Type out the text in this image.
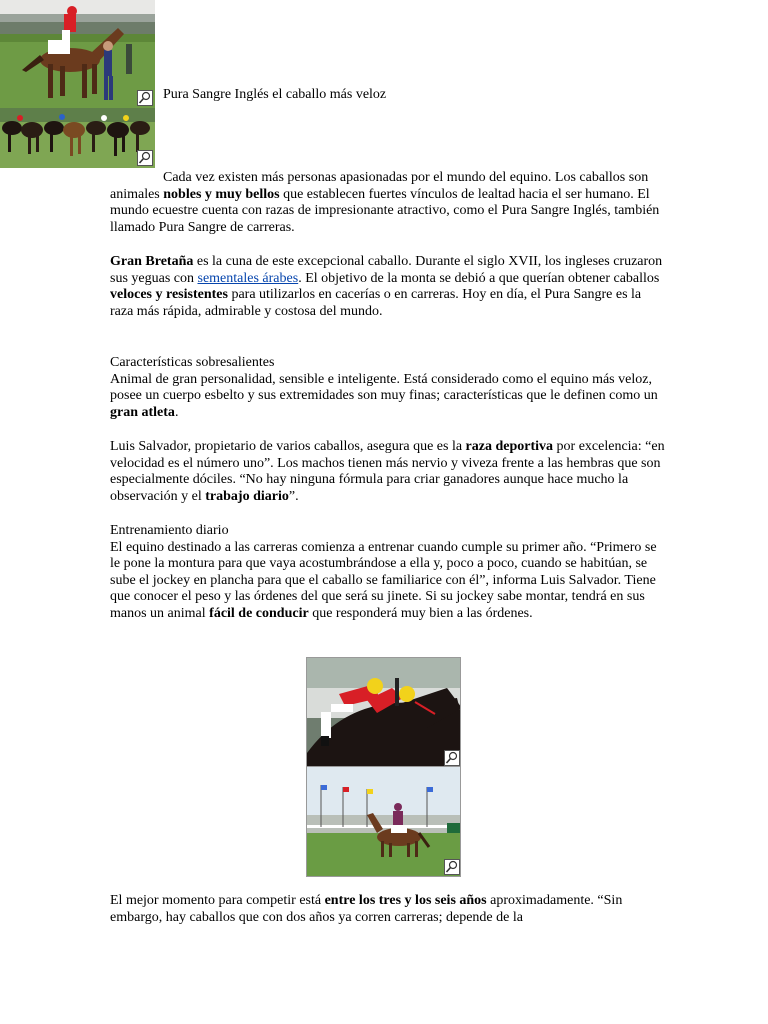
Pura Sangre Inglés el caballo más veloz

Cada vez existen más personas apasionadas por el mundo del equino. Los caballos son animales nobles y muy bellos que establecen fuertes vínculos de lealtad hacia el ser humano. El mundo ecuestre cuenta con razas de impresionante atractivo, como el Pura Sangre Inglés, también llamado Pura Sangre de carreras.

Gran Bretaña es la cuna de este excepcional caballo. Durante el siglo XVII, los ingleses cruzaron sus yeguas con sementales árabes. El objetivo de la monta se debió a que querían obtener caballos veloces y resistentes para utilizarlos en cacerías o en carreras. Hoy en día, el Pura Sangre es la raza más rápida, admirable y costosa del mundo.

Características sobresalientes

Animal de gran personalidad, sensible e inteligente. Está considerado como el equino más veloz, posee un cuerpo esbelto y sus extremidades son muy finas; características que le definen como un gran atleta.

Luis Salvador, propietario de varios caballos, asegura que es la raza deportiva por excelencia: “en velocidad es el número uno”. Los machos tienen más nervio y viveza frente a las hembras que son especialmente dóciles. “No hay ninguna fórmula para criar ganadores aunque hace mucho la observación y el trabajo diario”.

Entrenamiento diario

El equino destinado a las carreras comienza a entrenar cuando cumple su primer año. “Primero se le pone la montura para que vaya acostumbrándose a ella y, poco a poco, cuando se habitúan, se sube el jockey en plancha para que el caballo se familiarice con él”, informa Luis Salvador. Tiene que conocer el peso y las órdenes del que será su jinete. Si su jockey sabe montar, tendrá en sus manos un animal fácil de conducir que responderá muy bien a las órdenes.

El mejor momento para competir está entre los tres y los seis años aproximadamente. “Sin embargo, hay caballos que con dos años ya corren carreras; depende de la
